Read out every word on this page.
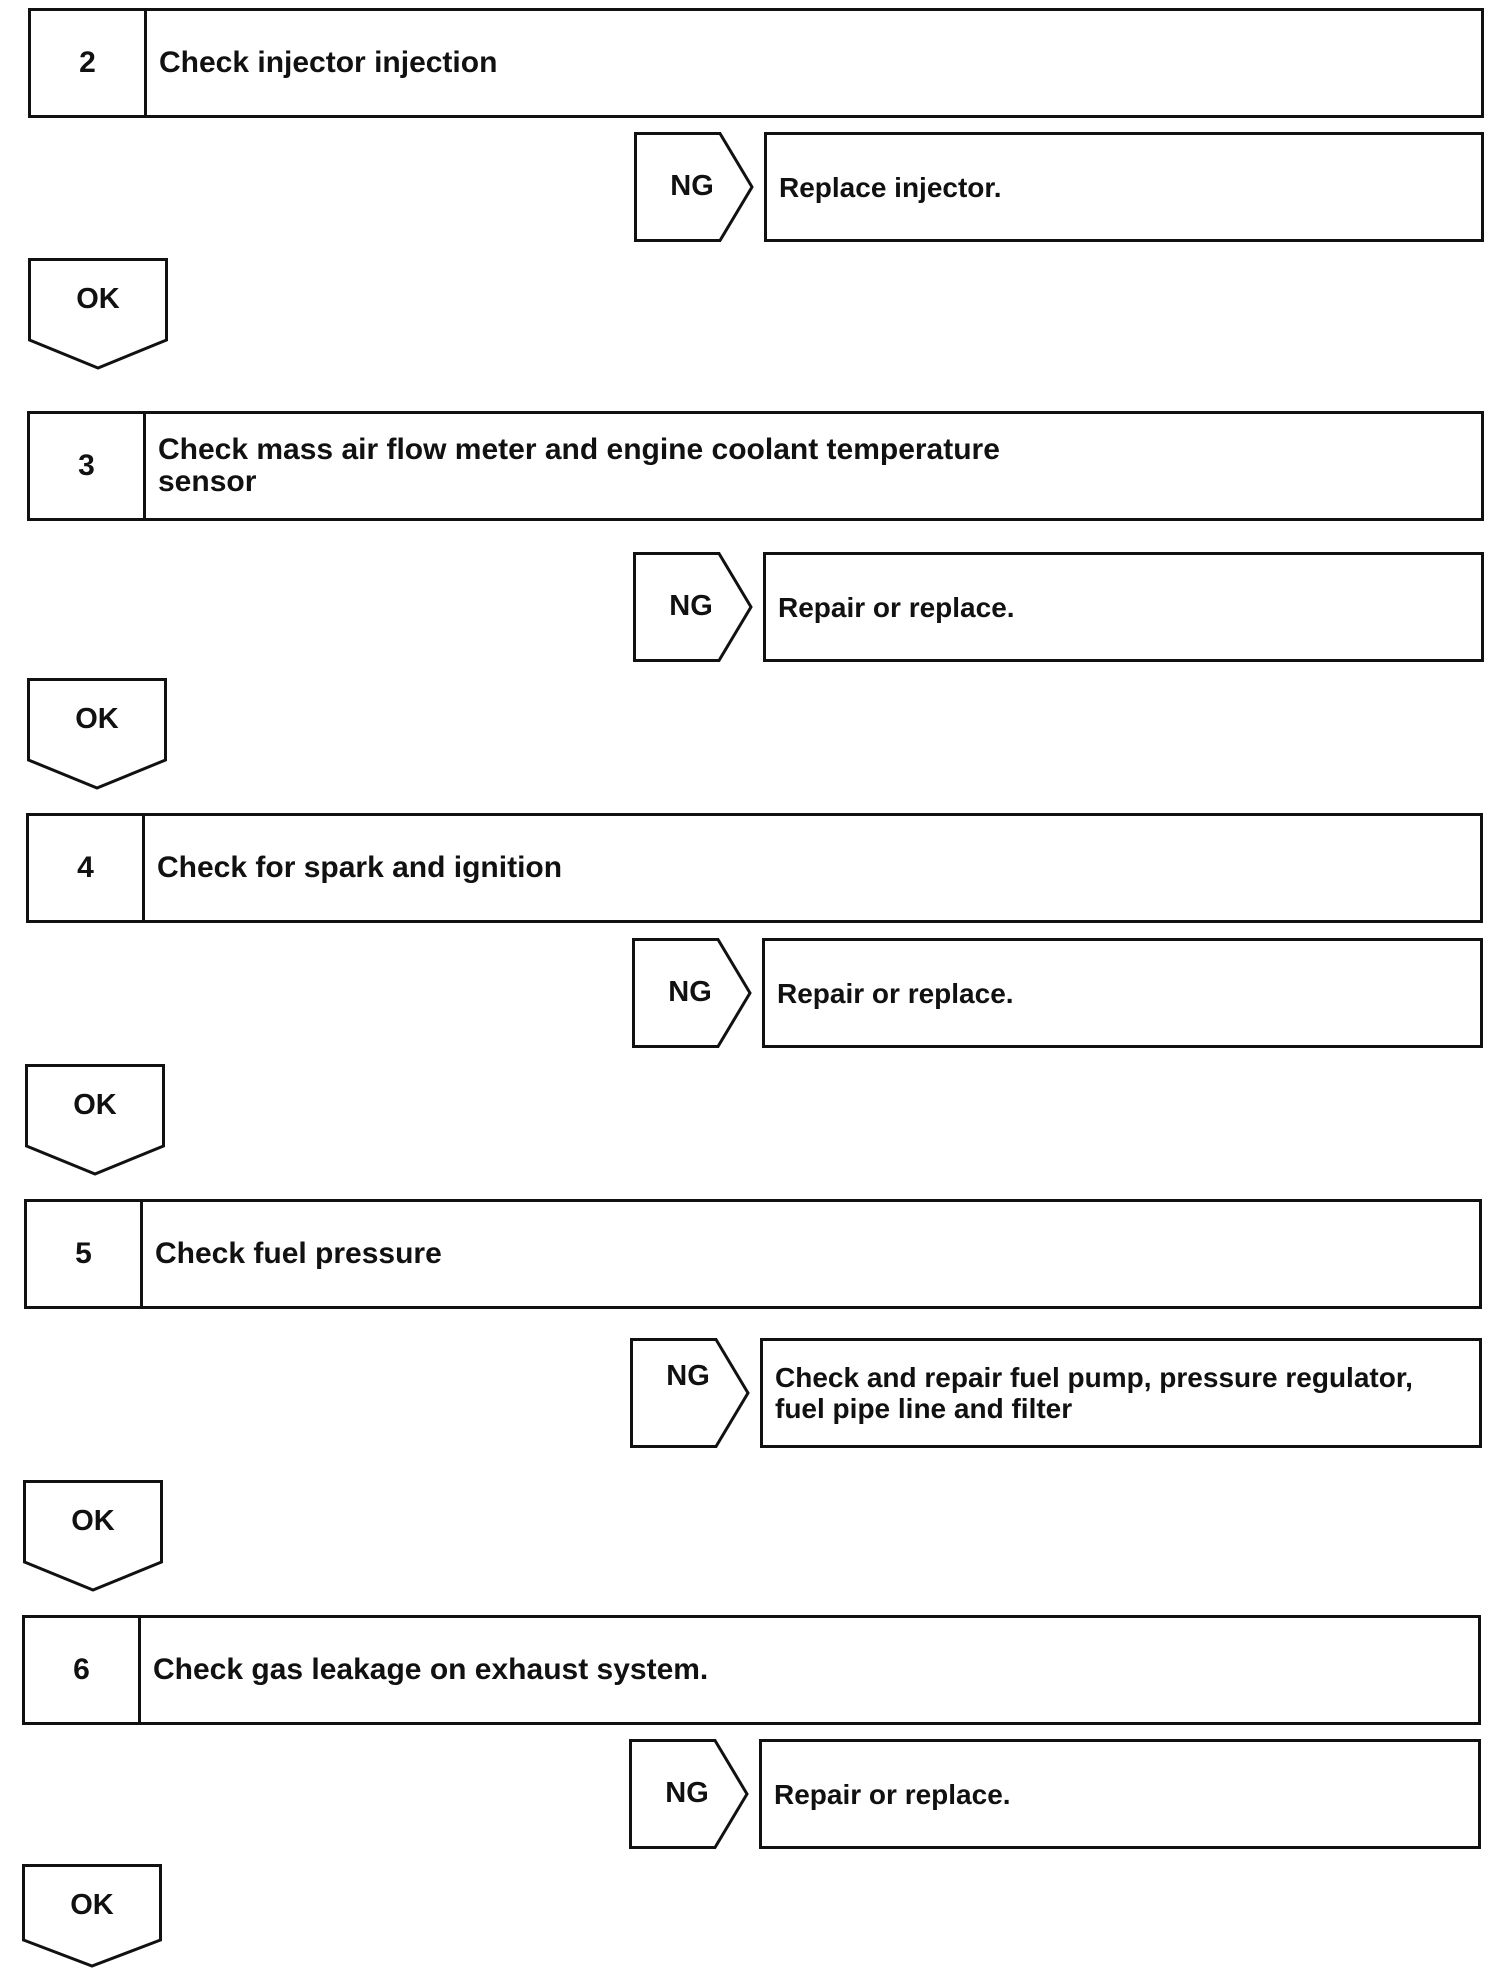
2	Check injector injection
NG	Replace injector.
OK
3	Check mass air flow meter and engine coolant temperature
sensor
NG	Repair or replace.
OK
4	Check for spark and ignition
NG	Repair or replace.
OK
5	Check fuel pressure
NG	Check and repair fuel pump, pressure regulator,
fuel pipe line and filter
OK
6	Check gas leakage on exhaust system.
NG	Repair or replace.
OK
